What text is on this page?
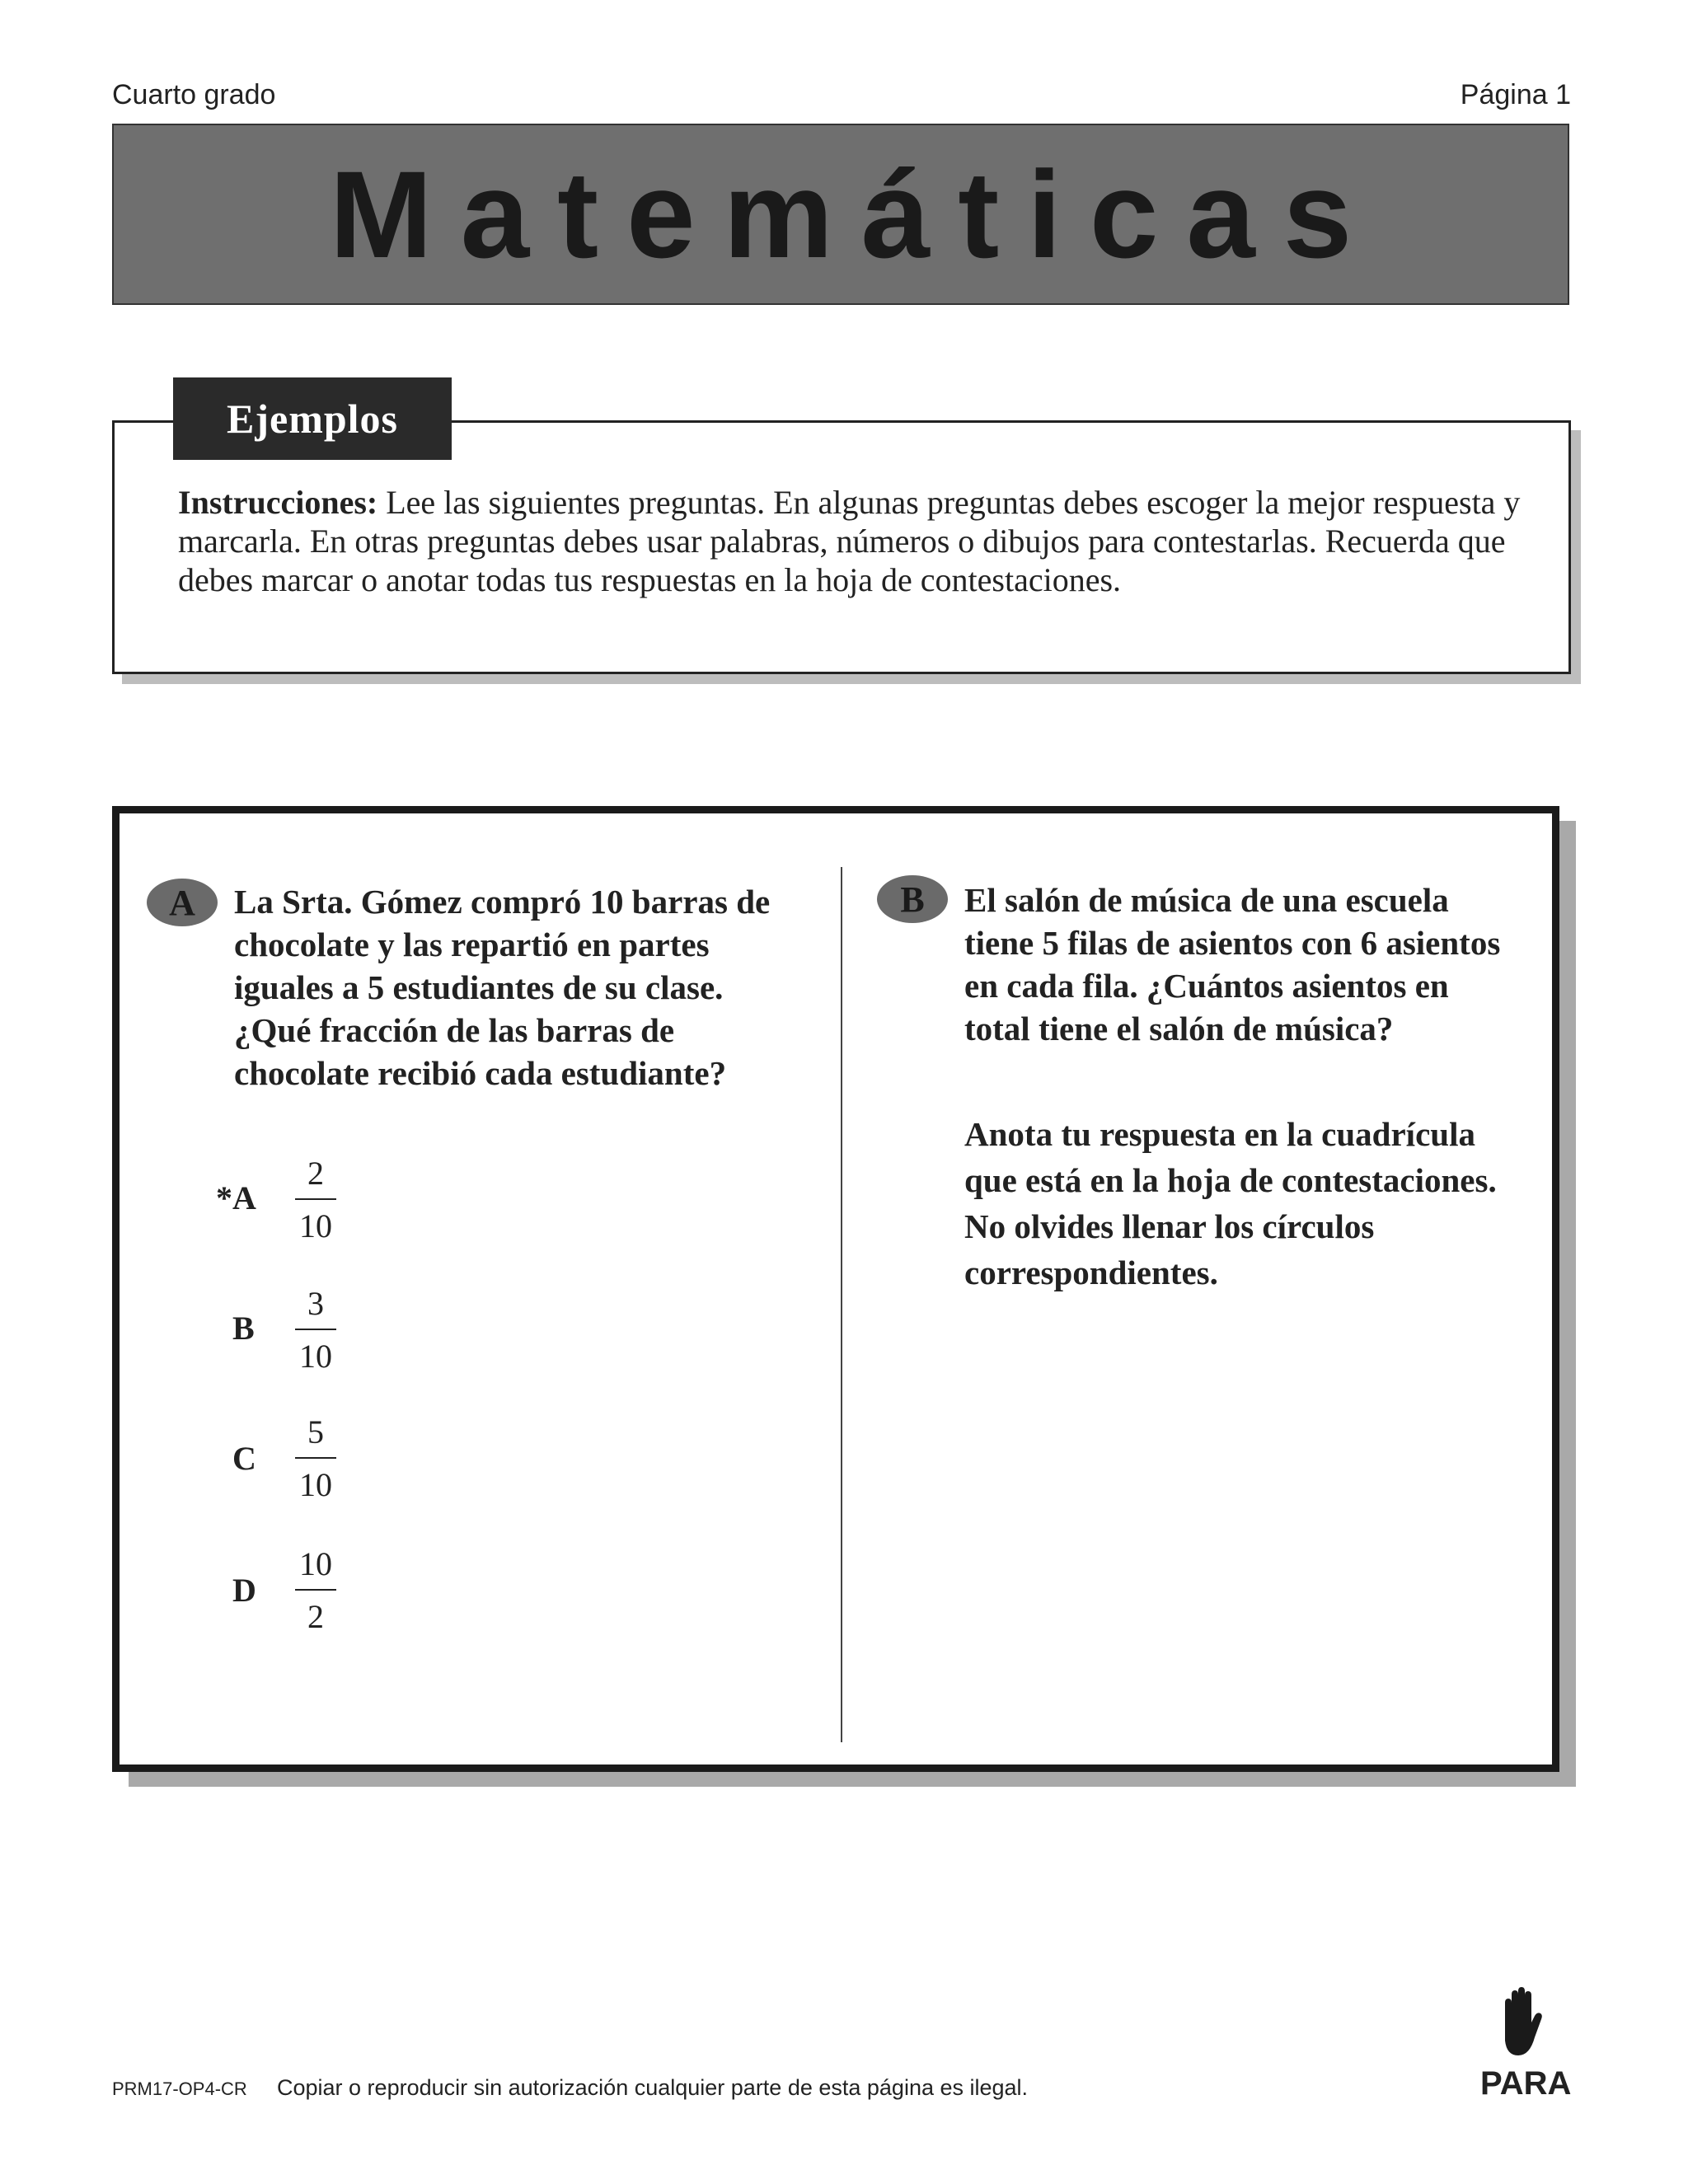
Cuarto grado	Página 1
Matemáticas
Ejemplos
Instrucciones: Lee las siguientes preguntas. En algunas preguntas debes escoger la mejor respuesta y marcarla. En otras preguntas debes usar palabras, números o dibujos para contestarlas. Recuerda que debes marcar o anotar todas tus respuestas en la hoja de contestaciones.
A	La Srta. Gómez compró 10 barras de chocolate y las repartió en partes iguales a 5 estudiantes de su clase. ¿Qué fracción de las barras de chocolate recibió cada estudiante?

*A
2
10
B
3
10
C
5
10
D
10
2
B	El salón de música de una escuela tiene 5 filas de asientos con 6 asientos en cada fila. ¿Cuántos asientos en total tiene el salón de música?

Anota tu respuesta en la cuadrícula que está en la hoja de contestaciones. No olvides llenar los círculos correspondientes.

PRM17-OP4-CR Copiar o reproducir sin autorización cualquier parte de esta página es ilegal.	PARA
